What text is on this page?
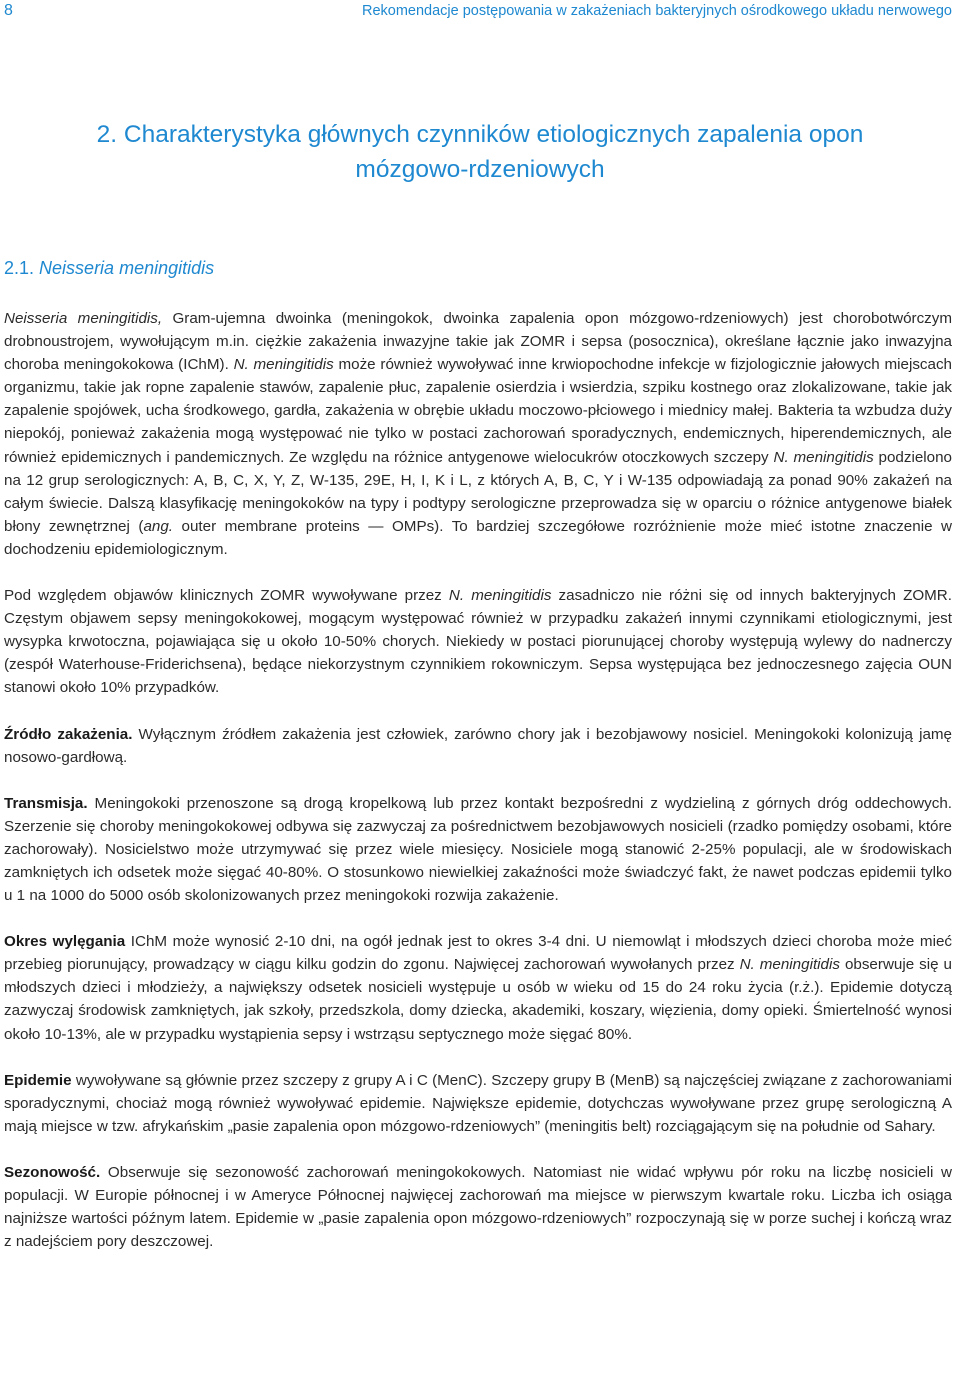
8	Rekomendacje postępowania w zakażeniach bakteryjnych ośrodkowego układu nerwowego
2. Charakterystyka głównych czynników etiologicznych zapalenia opon
mózgowo-rdzeniowych
2.1. Neisseria meningitidis

Neisseria meningitidis, Gram-ujemna dwoinka (meningokok, dwoinka zapalenia opon mózgowo-rdzeniowych) jest chorobotwórczym drobnoustrojem, wywołującym m.in. ciężkie zakażenia inwazyjne takie jak ZOMR i sepsa (posocznica), określane łącznie jako inwazyjna choroba meningokokowa (IChM). N. meningitidis może również wywoływać inne krwiopochodne infekcje w fizjologicznie jałowych miejscach organizmu, takie jak ropne zapalenie stawów, zapalenie płuc, zapalenie osierdzia i wsierdzia, szpiku kostnego oraz zlokalizowane, takie jak zapalenie spojówek, ucha środkowego, gardła, zakażenia w obrębie układu moczowo-płciowego i miednicy małej. Bakteria ta wzbudza duży niepokój, ponieważ zakażenia mogą występować nie tylko w postaci zachorowań sporadycznych, endemicznych, hiperendemicznych, ale również epidemicznych i pandemicznych. Ze względu na różnice antygenowe wielocukrów otoczkowych szczepy N. meningitidis podzielono na 12 grup serologicznych: A, B, C, X, Y, Z, W-135, 29E, H, I, K i L, z których A, B, C, Y i W-135 odpowiadają za ponad 90% zakażeń na całym świecie. Dalszą klasyfikację meningokoków na typy i podtypy serologiczne przeprowadza się w oparciu o różnice antygenowe białek błony zewnętrznej (ang. outer membrane proteins — OMPs). To bardziej szczegółowe rozróżnienie może mieć istotne znaczenie w dochodzeniu epidemiologicznym.

Pod względem objawów klinicznych ZOMR wywoływane przez N. meningitidis zasadniczo nie różni się od innych bakteryjnych ZOMR. Częstym objawem sepsy meningokokowej, mogącym występować również w przypadku zakażeń innymi czynnikami etiologicznymi, jest wysypka krwotoczna, pojawiająca się u około 10-50% chorych. Niekiedy w postaci piorunującej choroby występują wylewy do nadnerczy (zespół Waterhouse-Friderichsena), będące niekorzystnym czynnikiem rokowniczym. Sepsa występująca bez jednoczesnego zajęcia OUN stanowi około 10% przypadków.

Źródło zakażenia. Wyłącznym źródłem zakażenia jest człowiek, zarówno chory jak i bezobjawowy nosiciel. Meningokoki kolonizują jamę nosowo-gardłową.

Transmisja. Meningokoki przenoszone są drogą kropelkową lub przez kontakt bezpośredni z wydzieliną z górnych dróg oddechowych. Szerzenie się choroby meningokokowej odbywa się zazwyczaj za pośrednictwem bezobjawowych nosicieli (rzadko pomiędzy osobami, które zachorowały). Nosicielstwo może utrzymywać się przez wiele miesięcy. Nosiciele mogą stanowić 2-25% populacji, ale w środowiskach zamkniętych ich odsetek może sięgać 40-80%. O stosunkowo niewielkiej zakaźności może świadczyć fakt, że nawet podczas epidemii tylko u 1 na 1000 do 5000 osób skolonizowanych przez meningokoki rozwija zakażenie.

Okres wylęgania IChM może wynosić 2-10 dni, na ogół jednak jest to okres 3-4 dni. U niemowląt i młodszych dzieci choroba może mieć przebieg piorunujący, prowadzący w ciągu kilku godzin do zgonu. Najwięcej zachorowań wywołanych przez N. meningitidis obserwuje się u młodszych dzieci i młodzieży, a największy odsetek nosicieli występuje u osób w wieku od 15 do 24 roku życia (r.ż.). Epidemie dotyczą zazwyczaj środowisk zamkniętych, jak szkoły, przedszkola, domy dziecka, akademiki, koszary, więzienia, domy opieki. Śmiertelność wynosi około 10-13%, ale w przypadku wystąpienia sepsy i wstrząsu septycznego może sięgać 80%.

Epidemie wywoływane są głównie przez szczepy z grupy A i C (MenC). Szczepy grupy B (MenB) są najczęściej związane z zachorowaniami sporadycznymi, chociaż mogą również wywoływać epidemie. Największe epidemie, dotychczas wywoływane przez grupę serologiczną A mają miejsce w tzw. afrykańskim „pasie zapalenia opon mózgowo-rdzeniowych” (meningitis belt) rozciągającym się na południe od Sahary.

Sezonowość. Obserwuje się sezonowość zachorowań meningokokowych. Natomiast nie widać wpływu pór roku na liczbę nosicieli w populacji. W Europie północnej i w Ameryce Północnej najwięcej zachorowań ma miejsce w pierwszym kwartale roku. Liczba ich osiąga najniższe wartości późnym latem. Epidemie w „pasie zapalenia opon mózgowo-rdzeniowych” rozpoczynają się w porze suchej i kończą wraz z nadejściem pory deszczowej.
